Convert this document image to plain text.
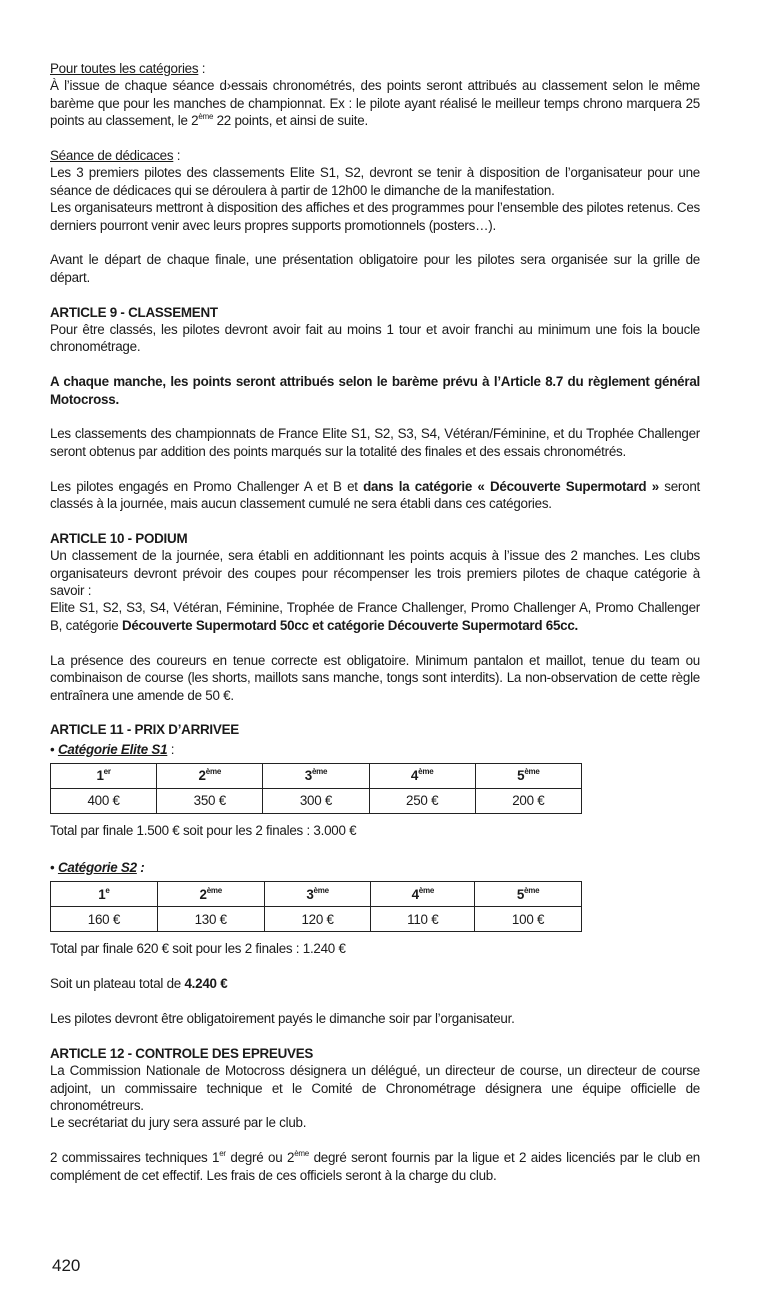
Pour toutes les catégories :

À l’issue de chaque séance d›essais chronométrés, des points seront attribués au classement selon le même barème que pour les manches de championnat. Ex : le pilote ayant réalisé le meilleur temps chrono marquera 25 points au classement, le 2ème 22 points, et ainsi de suite.

Séance de dédicaces :

Les 3 premiers pilotes des classements Elite S1, S2, devront se tenir à disposition de l’organisateur pour une séance de dédicaces qui se déroulera à partir de 12h00 le dimanche de la manifestation.

Les organisateurs mettront à disposition des affiches et des programmes pour l’ensemble des pilotes retenus. Ces derniers pourront venir avec leurs propres supports promotionnels (posters…).

Avant le départ de chaque finale, une présentation obligatoire pour les pilotes sera organisée sur la grille de départ.

ARTICLE 9 - CLASSEMENT

Pour être classés, les pilotes devront avoir fait au moins 1 tour et avoir franchi au minimum une fois la boucle chronométrage.

A chaque manche, les points seront attribués selon le barème prévu à l’Article 8.7 du règlement général Motocross.

Les classements des championnats de France Elite S1, S2, S3, S4, Vétéran/Féminine, et du Trophée Challenger seront obtenus par addition des points marqués sur la totalité des finales et des essais chronométrés.

Les pilotes engagés en Promo Challenger A et B et dans la catégorie « Découverte Supermotard » seront classés à la journée, mais aucun classement cumulé ne sera établi dans ces catégories.

ARTICLE 10 - PODIUM

Un classement de la journée, sera établi en additionnant les points acquis à l’issue des 2 manches. Les clubs organisateurs devront prévoir des coupes pour récompenser les trois premiers pilotes de chaque catégorie à savoir :

Elite S1, S2, S3, S4, Vétéran, Féminine, Trophée de France Challenger, Promo Challenger A, Promo Challenger B, catégorie Découverte Supermotard 50cc et catégorie Découverte Supermotard 65cc.

La présence des coureurs en tenue correcte est obligatoire. Minimum pantalon et maillot, tenue du team ou combinaison de course (les shorts, maillots sans manche, tongs sont interdits). La non-observation de cette règle entraînera une amende de 50 €.

ARTICLE 11 - PRIX D’ARRIVEE

• Catégorie Elite S1 :

1er	2ème	3ème	4ème	5ème
400 €	350 €	300 €	250 €	200 €

Total par finale 1.500 € soit pour les 2 finales : 3.000 €

• Catégorie S2 :

1e	2ème	3ème	4ème	5ème
160 €	130 €	120 €	110 €	100 €

Total par finale 620 € soit pour les 2 finales : 1.240 €

Soit un plateau total de 4.240 €

Les pilotes devront être obligatoirement payés le dimanche soir par l’organisateur.

ARTICLE 12 - CONTROLE DES EPREUVES

La Commission Nationale de Motocross désignera un délégué, un directeur de course, un directeur de course adjoint, un commissaire technique et le Comité de Chronométrage désignera une équipe officielle de chronométreurs.

Le secrétariat du jury sera assuré par le club.

2 commissaires techniques 1er degré ou 2ème degré seront fournis par la ligue et 2 aides licenciés par le club en complément de cet effectif. Les frais de ces officiels seront à la charge du club.

420
